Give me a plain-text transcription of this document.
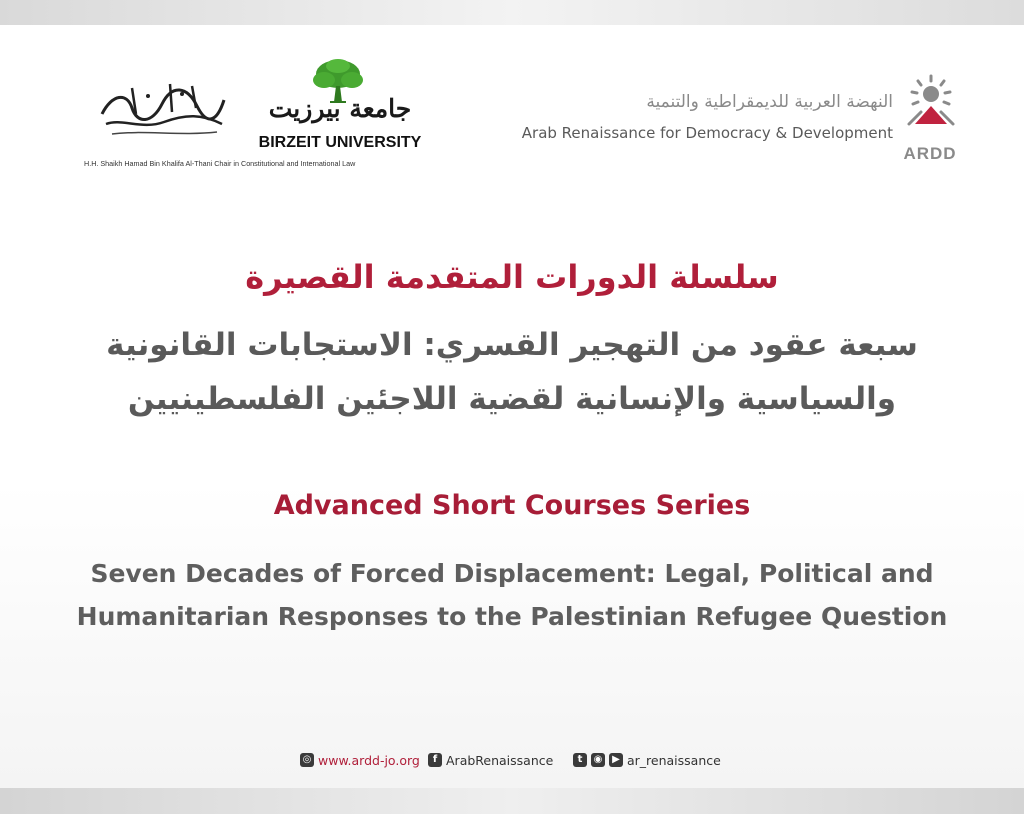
H.H. Shaikh Hamad Bin Khalifa Al-Thani Chair in Constitutional and International Law
جامعة بيرزيت
BIRZEIT UNIVERSITY
النهضة العربية للديمقراطية والتنمية
Arab Renaissance for Democracy & Development
ARDD
سلسلة الدورات المتقدمة القصيرة
سبعة عقود من التهجير القسري: الاستجابات القانونية
والسياسية والإنسانية لقضية اللاجئين الفلسطينيين
Advanced Short Courses Series
Seven Decades of Forced Displacement: Legal, Political and
Humanitarian Responses to the Palestinian Refugee Question
◎ www.ardd-jo.org	f ArabRenaissance	t	◉ ▶ ar_renaissance
